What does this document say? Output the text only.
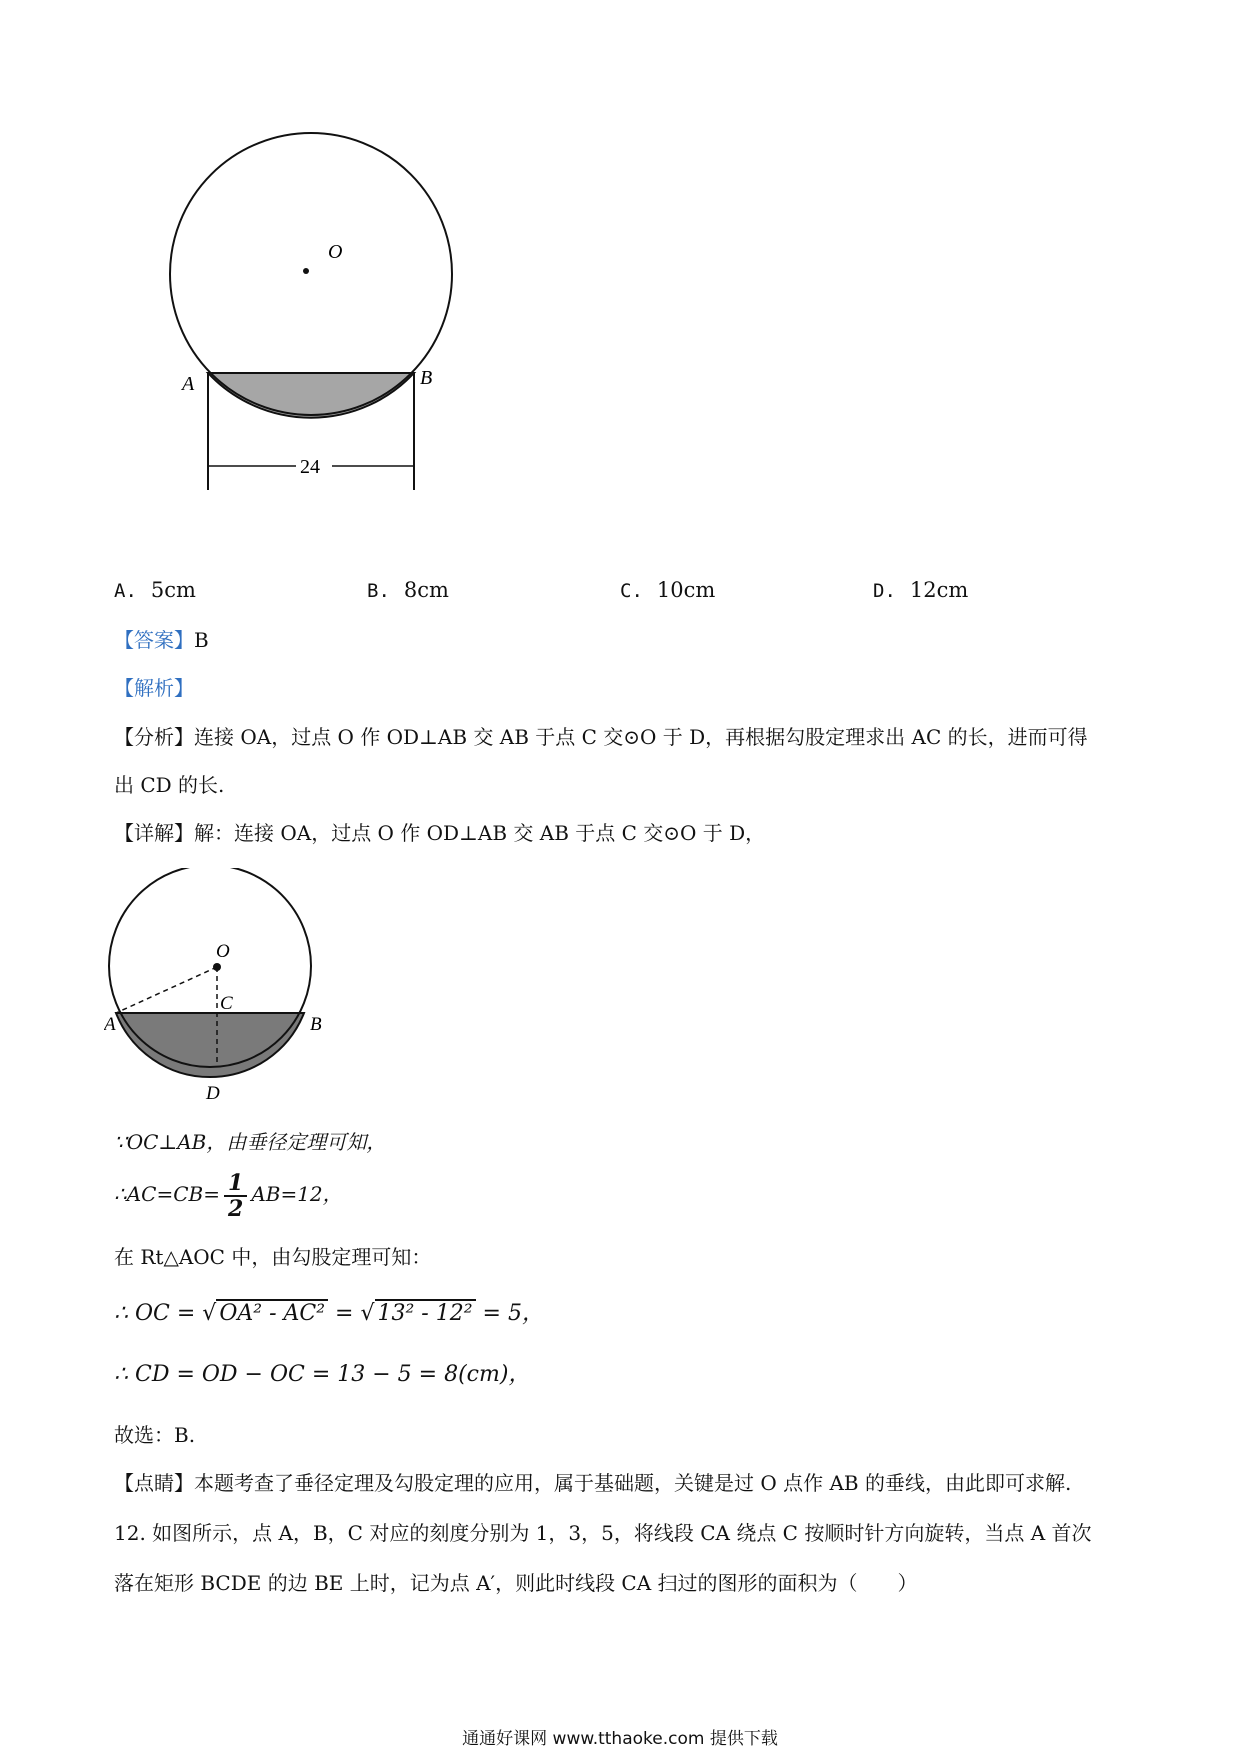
O
A	B
24
A. 5cm	B. 8cm	C. 10cm	D. 12cm
【答案】B
【解析】
【分析】连接 OA，过点 O 作 OD⊥AB 交 AB 于点 C 交⊙O 于 D，再根据勾股定理求出 AC 的长，进而可得
出 CD 的长.
【详解】解：连接 OA，过点 O 作 OD⊥AB 交 AB 于点 C 交⊙O 于 D，
O
C
A	B
D
∵OC⊥AB，由垂径定理可知，
∴AC=CB= $\frac{1}{2} AB=12$，
在 Rt△AOC 中，由勾股定理可知：
∴ OC = √ OA² - AC² = √ 13² - 12² = 5，
∴ CD = OD − OC = 13 − 5 = 8(cm)，
故选：B.
【点睛】本题考查了垂径定理及勾股定理的应用，属于基础题，关键是过 O 点作 AB 的垂线，由此即可求解.
12. 如图所示，点 A，B，C 对应的刻度分别为 1，3，5，将线段 CA 绕点 C 按顺时针方向旋转，当点 A 首次
落在矩形 BCDE 的边 BE 上时，记为点 A′，则此时线段 CA 扫过的图形的面积为（　　）
通通好课网 www.tthaoke.com 提供下载
